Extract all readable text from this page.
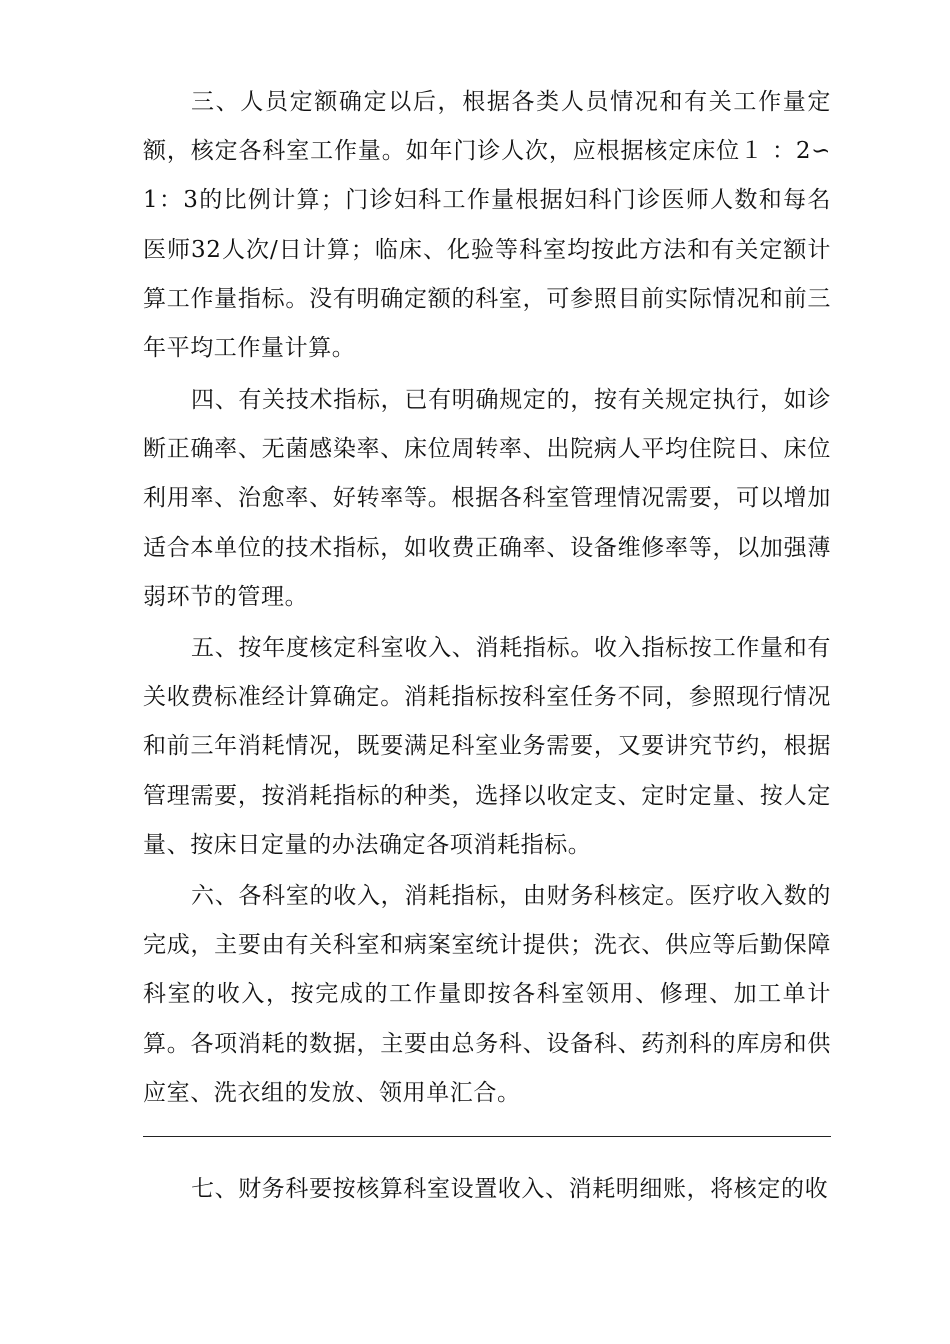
三、人员定额确定以后，根据各类人员情况和有关工作量定额，核定各科室工作量。如年门诊人次，应根据核定床位１ ：2∽1：3的比例计算；门诊妇科工作量根据妇科门诊医师人数和每名医师32人次/日计算；临床、化验等科室均按此方法和有关定额计算工作量指标。没有明确定额的科室，可参照目前实际情况和前三年平均工作量计算。

四、有关技术指标，已有明确规定的，按有关规定执行，如诊断正确率、无菌感染率、床位周转率、出院病人平均住院日、床位利用率、治愈率、好转率等。根据各科室管理情况需要，可以增加适合本单位的技术指标，如收费正确率、设备维修率等，以加强薄弱环节的管理。

五、按年度核定科室收入、消耗指标。收入指标按工作量和有关收费标准经计算确定。消耗指标按科室任务不同，参照现行情况和前三年消耗情况，既要满足科室业务需要，又要讲究节约，根据管理需要，按消耗指标的种类，选择以收定支、定时定量、按人定量、按床日定量的办法确定各项消耗指标。

六、各科室的收入，消耗指标，由财务科核定。医疗收入数的完成，主要由有关科室和病案室统计提供；洗衣、供应等后勤保障科室的收入，按完成的工作量即按各科室领用、修理、加工单计算。各项消耗的数据，主要由总务科、设备科、药剂科的库房和供应室、洗衣组的发放、领用单汇合。

七、财务科要按核算科室设置收入、消耗明细账，将核定的收
